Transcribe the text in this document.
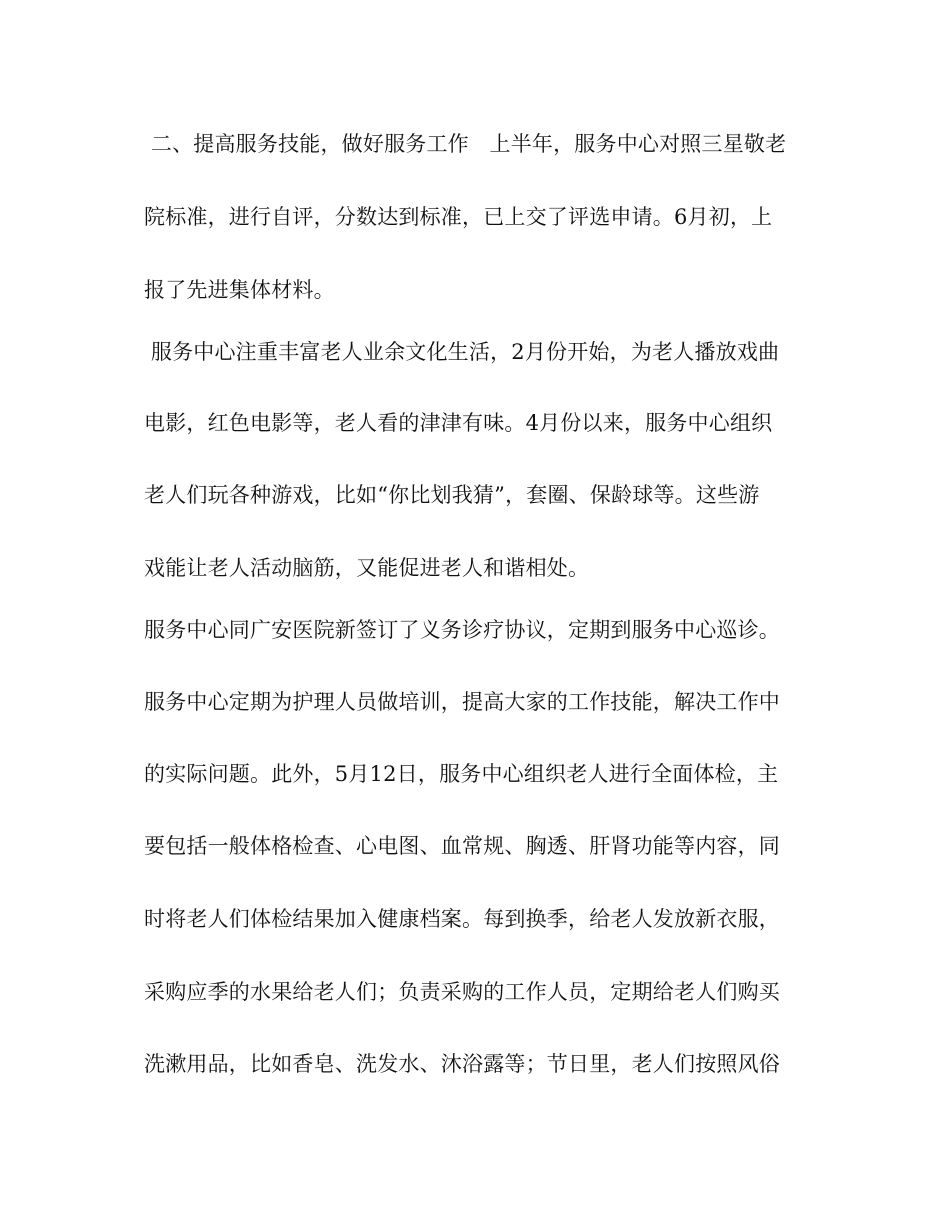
二、提高服务技能，做好服务工作   上半年，服务中心对照三星敬老
院标准，进行自评，分数达到标准，已上交了评选申请。6月初，上
报了先进集体材料。
服务中心注重丰富老人业余文化生活，2月份开始，为老人播放戏曲
电影，红色电影等，老人看的津津有味。4月份以来，服务中心组织
老人们玩各种游戏，比如“你比划我猜”，套圈、保龄球等。这些游
戏能让老人活动脑筋，又能促进老人和谐相处。
服务中心同广安医院新签订了义务诊疗协议，定期到服务中心巡诊。
服务中心定期为护理人员做培训，提高大家的工作技能，解决工作中
的实际问题。此外，5月12日，服务中心组织老人进行全面体检，主
要包括一般体格检查、心电图、血常规、胸透、肝肾功能等内容，同
时将老人们体检结果加入健康档案。每到换季，给老人发放新衣服，
采购应季的水果给老人们；负责采购的工作人员，定期给老人们购买
洗漱用品，比如香皂、洗发水、沐浴露等；节日里，老人们按照风俗
